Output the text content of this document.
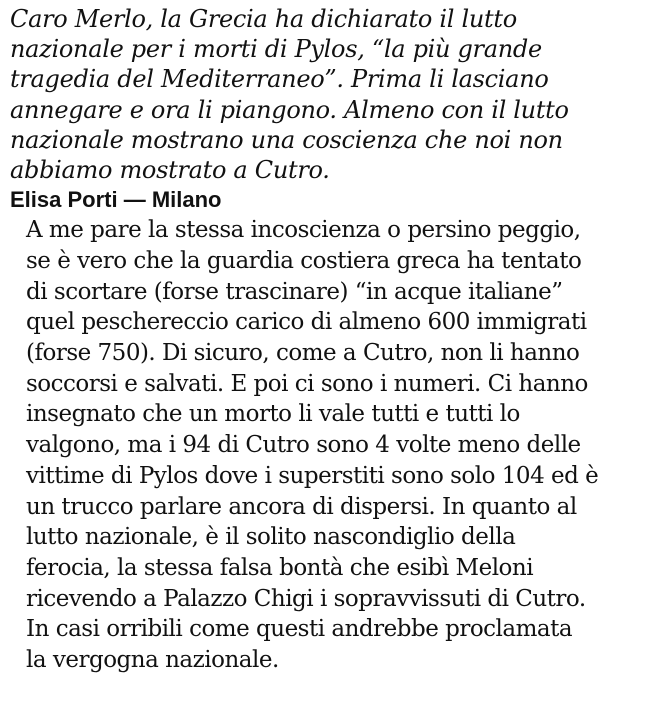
Caro Merlo, la Grecia ha dichiarato il lutto
nazionale per i morti di Pylos, “la più grande
tragedia del Mediterraneo”. Prima li lasciano
annegare e ora li piangono. Almeno con il lutto
nazionale mostrano una coscienza che noi non
abbiamo mostrato a Cutro.

Elisa Porti — Milano

A me pare la stessa incoscienza o persino peggio,
se è vero che la guardia costiera greca ha tentato
di scortare (forse trascinare) “in acque italiane”
quel peschereccio carico di almeno 600 immigrati
(forse 750). Di sicuro, come a Cutro, non li hanno
soccorsi e salvati. E poi ci sono i numeri. Ci hanno
insegnato che un morto li vale tutti e tutti lo
valgono, ma i 94 di Cutro sono 4 volte meno delle
vittime di Pylos dove i superstiti sono solo 104 ed è
un trucco parlare ancora di dispersi. In quanto al
lutto nazionale, è il solito nascondiglio della
ferocia, la stessa falsa bontà che esibì Meloni
ricevendo a Palazzo Chigi i sopravvissuti di Cutro.
In casi orribili come questi andrebbe proclamata
la vergogna nazionale.
